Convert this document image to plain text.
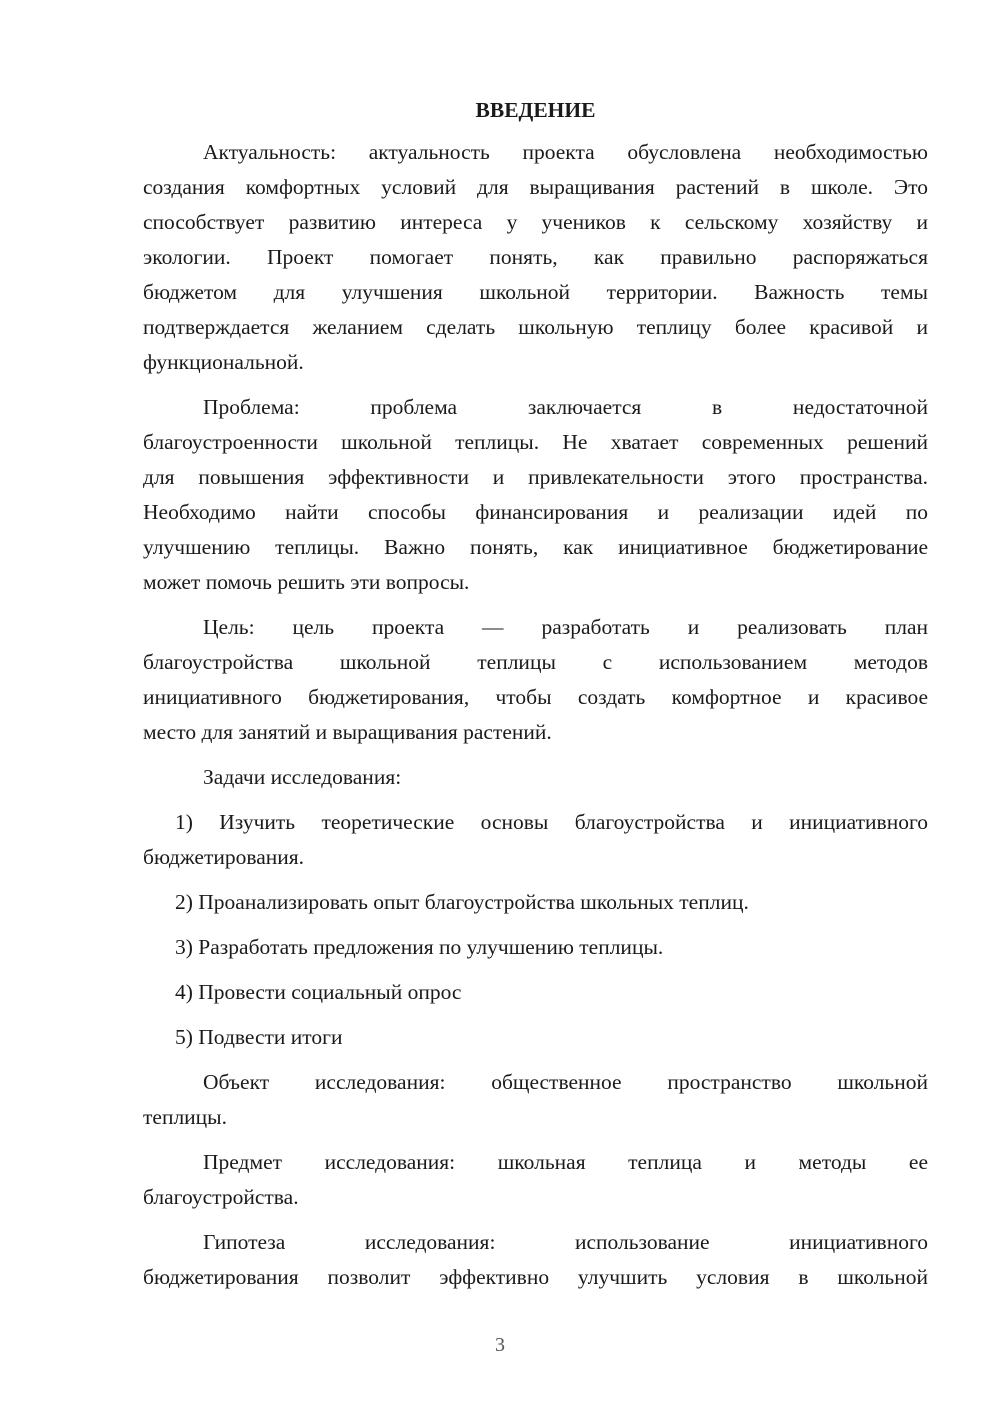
ВВЕДЕНИЕ
Актуальность: актуальность проекта обусловлена необходимостью
создания комфортных условий для выращивания растений в школе. Это
способствует развитию интереса у учеников к сельскому хозяйству и
экологии. Проект помогает понять, как правильно распоряжаться
бюджетом для улучшения школьной территории. Важность темы
подтверждается желанием сделать школьную теплицу более красивой и
функциональной.
Проблема: проблема заключается в недостаточной
благоустроенности школьной теплицы. Не хватает современных решений
для повышения эффективности и привлекательности этого пространства.
Необходимо найти способы финансирования и реализации идей по
улучшению теплицы. Важно понять, как инициативное бюджетирование
может помочь решить эти вопросы.
Цель: цель проекта — разработать и реализовать план
благоустройства школьной теплицы с использованием методов
инициативного бюджетирования, чтобы создать комфортное и красивое
место для занятий и выращивания растений.
Задачи исследования:
1) Изучить теоретические основы благоустройства и инициативного
бюджетирования.
2) Проанализировать опыт благоустройства школьных теплиц.
3) Разработать предложения по улучшению теплицы.
4) Провести социальный опрос
5) Подвести итоги
Объект исследования: общественное пространство школьной
теплицы.
Предмет исследования: школьная теплица и методы ее
благоустройства.
Гипотеза исследования: использование инициативного
бюджетирования позволит эффективно улучшить условия в школьной
3
